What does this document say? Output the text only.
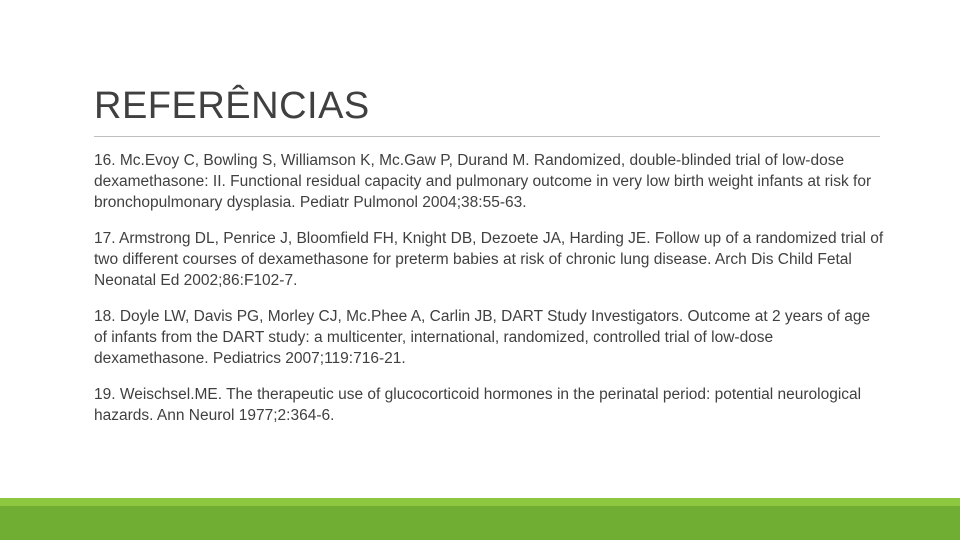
REFERÊNCIAS

16. Mc.Evoy C, Bowling S, Williamson K, Mc.Gaw P, Durand M. Randomized, double-blinded trial of low-dose dexamethasone: II. Functional residual capacity and pulmonary outcome in very low birth weight infants at risk for bronchopulmonary dysplasia. Pediatr Pulmonol 2004;38:55-63.

17. Armstrong DL, Penrice J, Bloomfield FH, Knight DB, Dezoete JA, Harding JE. Follow up of a randomized trial of two different courses of dexamethasone for preterm babies at risk of chronic lung disease. Arch Dis Child Fetal Neonatal Ed 2002;86:F102-7.

18. Doyle LW, Davis PG, Morley CJ, Mc.Phee A, Carlin JB, DART Study Investigators. Outcome at 2 years of age of infants from the DART study: a multicenter, international, randomized, controlled trial of low-dose dexamethasone. Pediatrics 2007;119:716-21.

19. Weischsel.ME. The therapeutic use of glucocorticoid hormones in the perinatal period: potential neurological hazards. Ann Neurol 1977;2:364-6.
